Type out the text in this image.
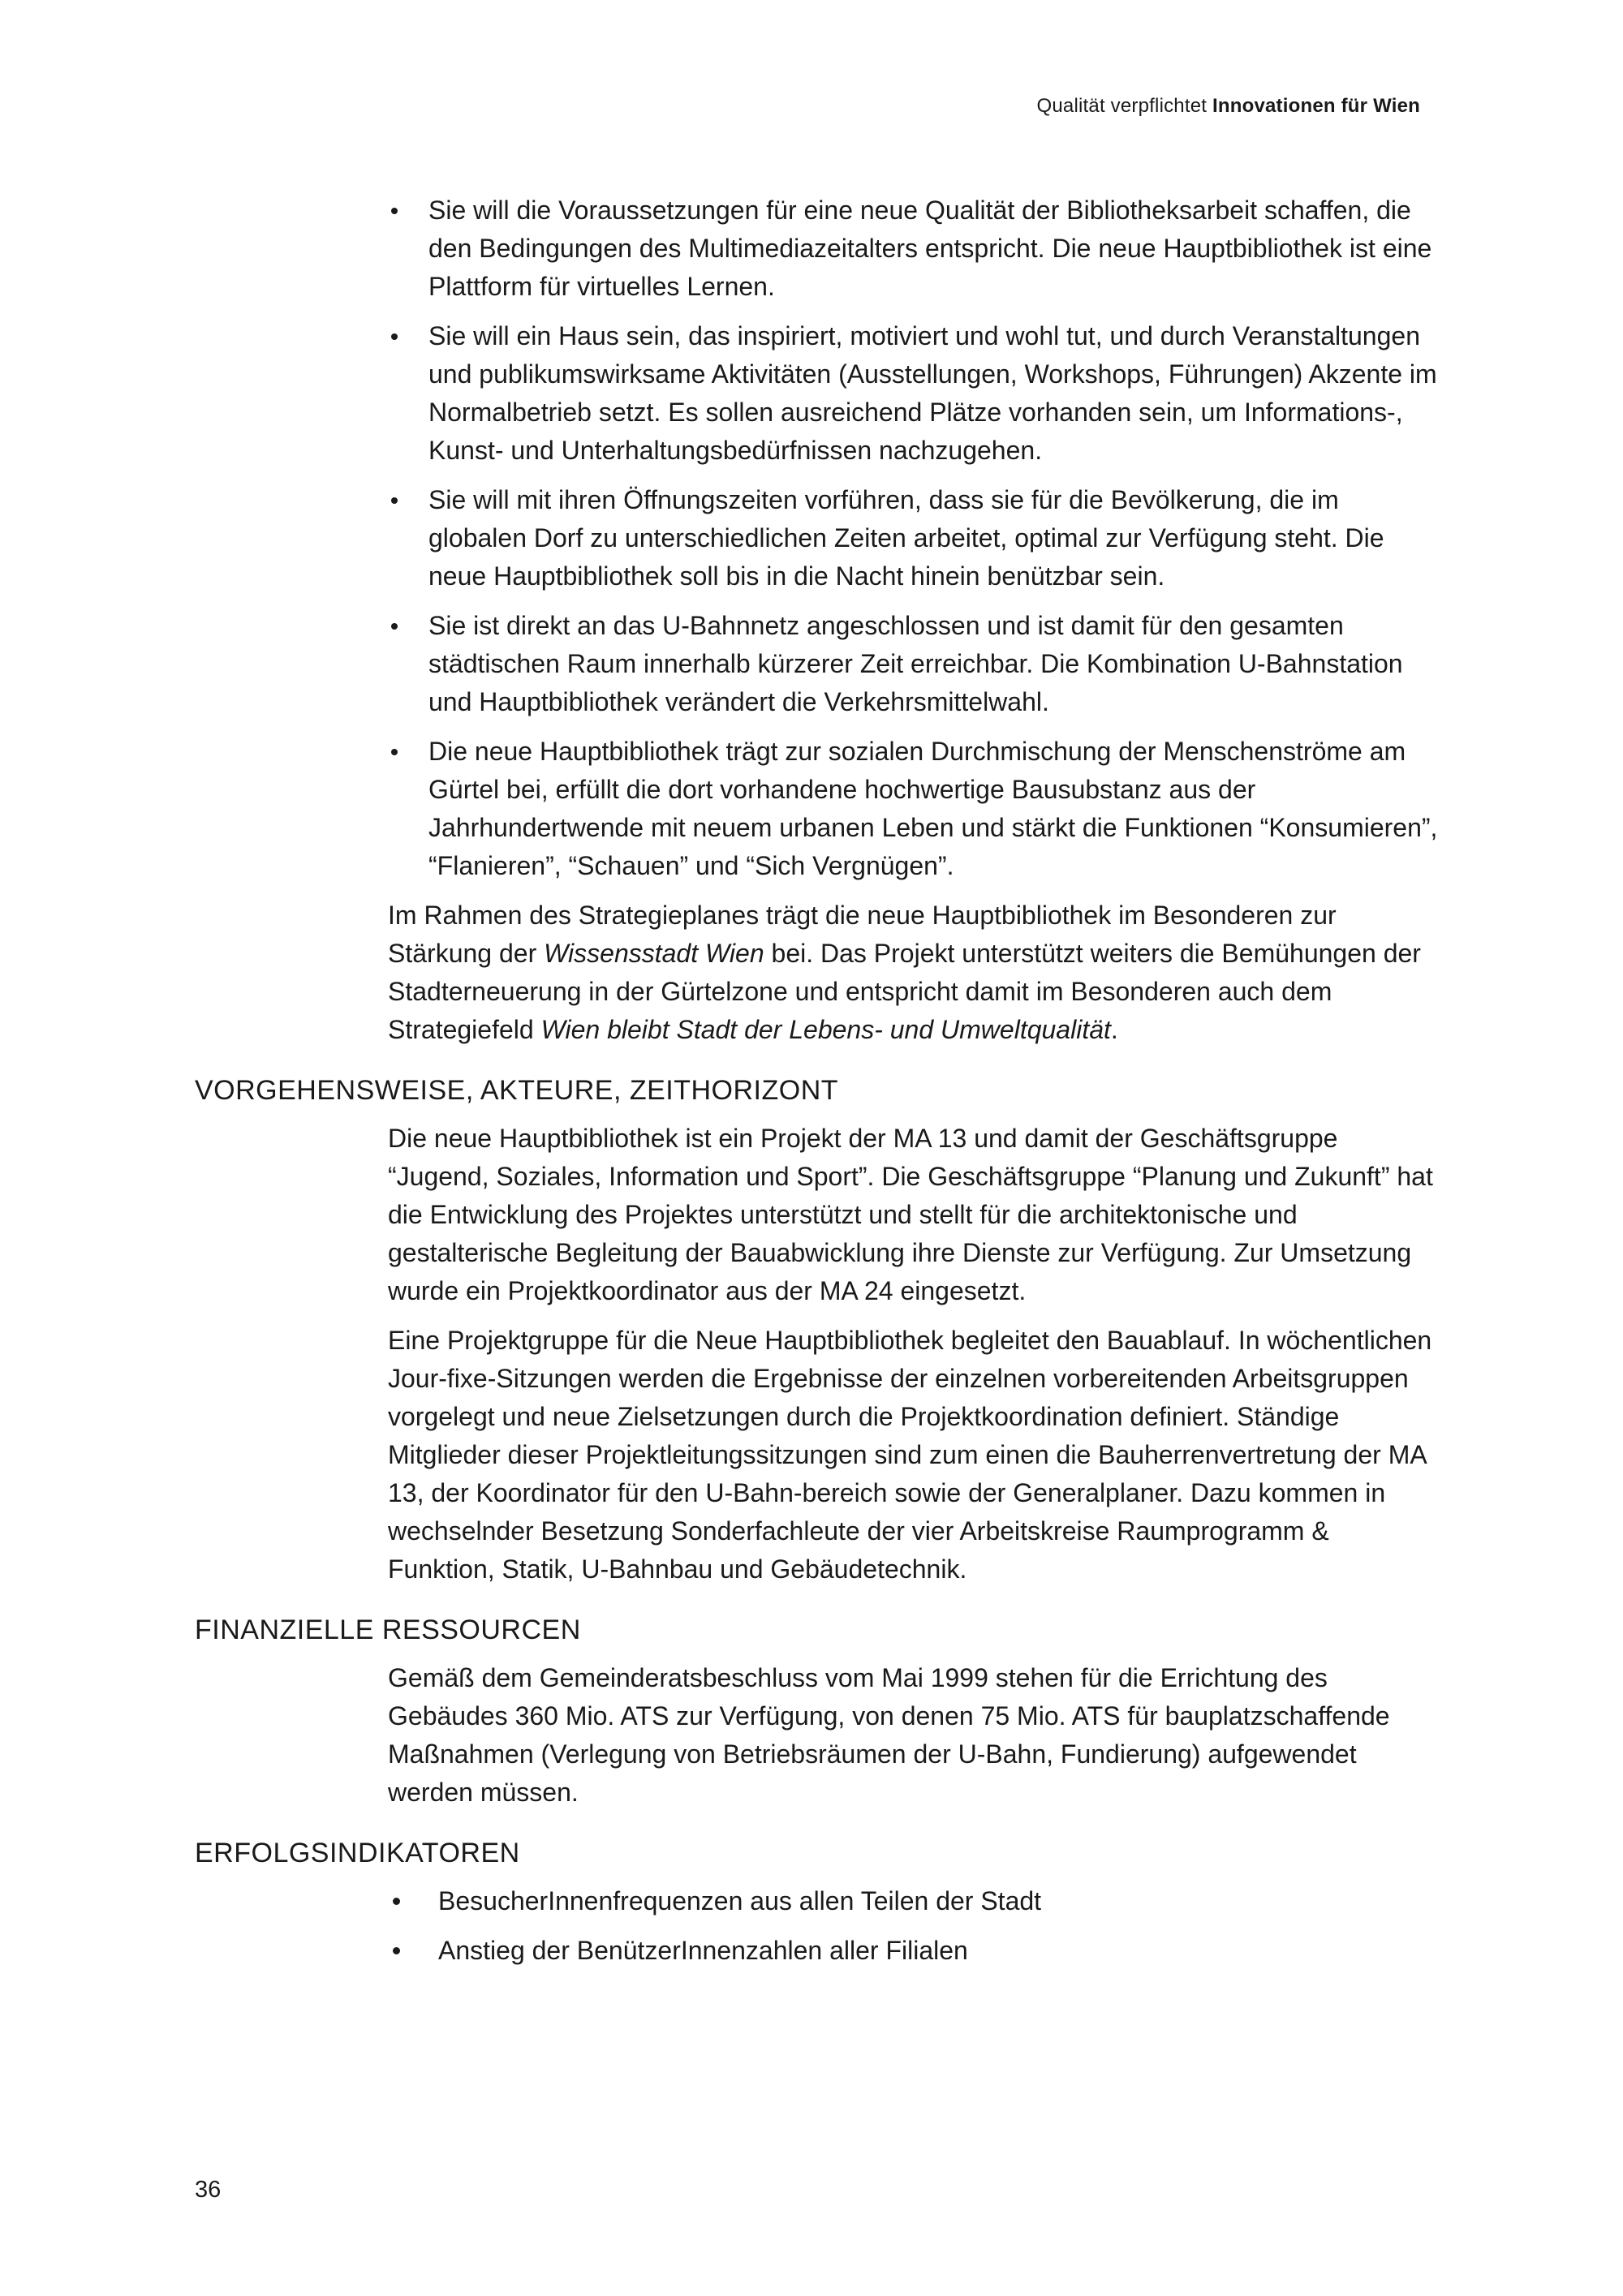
Qualität verpflichtet Innovationen für Wien
Sie will die Voraussetzungen für eine neue Qualität der Bibliotheksarbeit schaffen, die den Bedingungen des Multimediazeitalters entspricht. Die neue Hauptbibliothek ist eine Plattform für virtuelles Lernen.
Sie will ein Haus sein, das inspiriert, motiviert und wohl tut, und durch Veranstaltungen und publikumswirksame Aktivitäten (Ausstellungen, Workshops, Führungen) Akzente im Normalbetrieb setzt. Es sollen ausreichend Plätze vorhanden sein, um Informations-, Kunst- und Unterhaltungsbedürfnissen nachzugehen.
Sie will mit ihren Öffnungszeiten vorführen, dass sie für die Bevölkerung, die im globalen Dorf zu unterschiedlichen Zeiten arbeitet, optimal zur Verfügung steht. Die neue Hauptbibliothek soll bis in die Nacht hinein benützbar sein.
Sie ist direkt an das U-Bahnnetz angeschlossen und ist damit für den gesamten städtischen Raum innerhalb kürzerer Zeit erreichbar. Die Kombination U-Bahnstation und Hauptbibliothek verändert die Verkehrsmittelwahl.
Die neue Hauptbibliothek trägt zur sozialen Durchmischung der Menschenströme am Gürtel bei, erfüllt die dort vorhandene hochwertige Bausubstanz aus der Jahrhundertwende mit neuem urbanen Leben und stärkt die Funktionen “Konsumieren”, “Flanieren”, “Schauen” und “Sich Vergnügen”.

Im Rahmen des Strategieplanes trägt die neue Hauptbibliothek im Besonderen zur Stärkung der Wissensstadt Wien bei. Das Projekt unterstützt weiters die Bemühungen der Stadterneuerung in der Gürtelzone und entspricht damit im Besonderen auch dem Strategiefeld Wien bleibt Stadt der Lebens- und Umweltqualität.

VORGEHENSWEISE, AKTEURE, ZEITHORIZONT

Die neue Hauptbibliothek ist ein Projekt der MA 13 und damit der Geschäftsgruppe “Jugend, Soziales, Information und Sport”. Die Geschäftsgruppe “Planung und Zukunft” hat die Entwicklung des Projektes unterstützt und stellt für die architektonische und gestalterische Begleitung der Bauabwicklung ihre Dienste zur Verfügung. Zur Umsetzung wurde ein Projektkoordinator aus der MA 24 eingesetzt.

Eine Projektgruppe für die Neue Hauptbibliothek begleitet den Bauablauf. In wöchentlichen Jour-fixe-Sitzungen werden die Ergebnisse der einzelnen vorbereitenden Arbeitsgruppen vorgelegt und neue Zielsetzungen durch die Projektkoordination definiert. Ständige Mitglieder dieser Projektleitungssitzungen sind zum einen die Bauherrenvertretung der MA 13, der Koordinator für den U-Bahn-bereich sowie der Generalplaner. Dazu kommen in wechselnder Besetzung Sonderfachleute der vier Arbeitskreise Raumprogramm & Funktion, Statik, U-Bahnbau und Gebäudetechnik.

FINANZIELLE RESSOURCEN

Gemäß dem Gemeinderatsbeschluss vom Mai 1999 stehen für die Errichtung des Gebäudes 360 Mio. ATS zur Verfügung, von denen 75 Mio. ATS für bauplatzschaffende Maßnahmen (Verlegung von Betriebsräumen der U-Bahn, Fundierung) aufgewendet werden müssen.

ERFOLGSINDIKATOREN
BesucherInnenfrequenzen aus allen Teilen der Stadt
Anstieg der BenützerInnenzahlen aller Filialen
36
